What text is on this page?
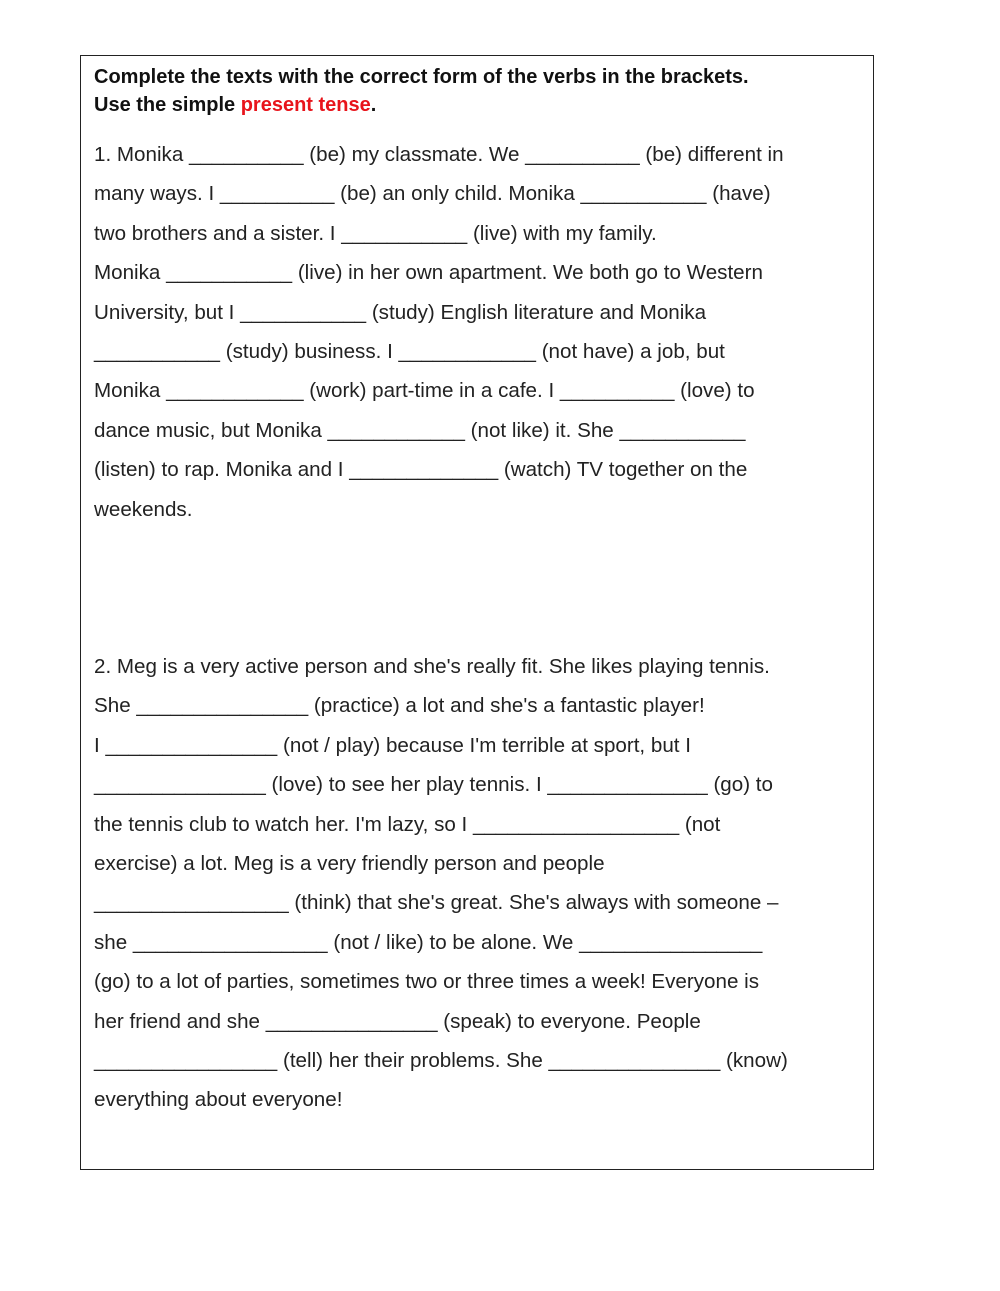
Complete the texts with the correct form of the verbs in the brackets.
Use the simple present tense.
1. Monika __________ (be) my classmate. We __________ (be) different in
many ways. I __________ (be) an only child. Monika ___________ (have)
two brothers and a sister. I ___________ (live) with my family.
Monika ___________ (live) in her own apartment. We both go to Western
University, but I ___________ (study) English literature and Monika
___________ (study) business. I ____________ (not have) a job, but
Monika ____________ (work) part-time in a cafe. I __________ (love) to
dance music, but Monika ____________ (not like) it. She ___________
(listen) to rap. Monika and I _____________ (watch) TV together on the
weekends.
2. Meg is a very active person and she's really fit. She likes playing tennis.
She _______________ (practice) a lot and she's a fantastic player!
I _______________ (not / play) because I'm terrible at sport, but I
_______________ (love) to see her play tennis. I ______________ (go) to
the tennis club to watch her. I'm lazy, so I __________________ (not
exercise) a lot. Meg is a very friendly person and people
_________________ (think) that she's great. She's always with someone –
she _________________ (not / like) to be alone. We ________________
(go) to a lot of parties, sometimes two or three times a week! Everyone is
her friend and she _______________ (speak) to everyone. People
________________ (tell) her their problems. She _______________ (know)
everything about everyone!
